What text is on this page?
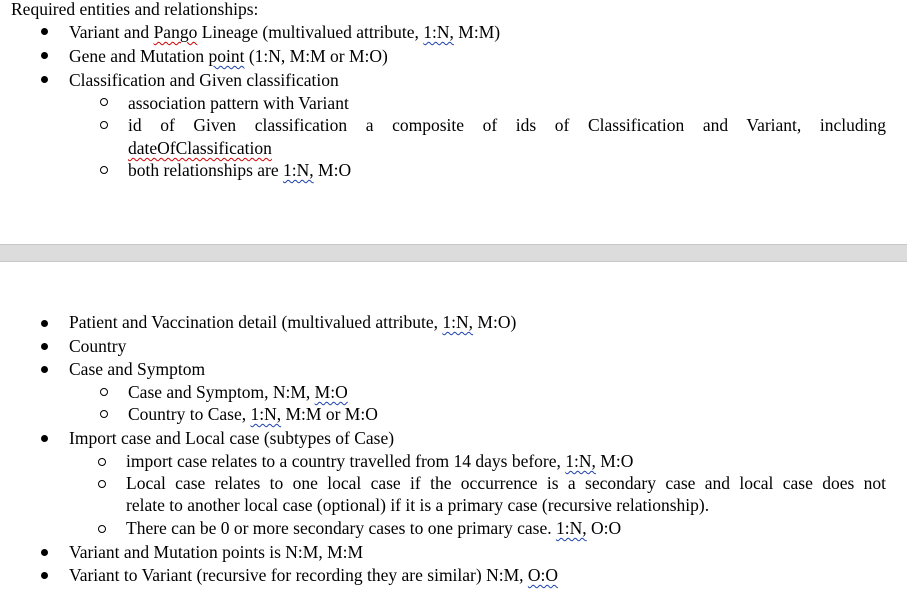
Required entities and relationships:
Variant and Pango Lineage (multivalued attribute, 1:N, M:M)
Gene and Mutation point (1:N, M:M or M:O)
Classification and Given classification
association pattern with Variant
id of Given classification a composite of ids of Classification and Variant, including
dateOfClassification
both relationships are 1:N, M:O
Patient and Vaccination detail (multivalued attribute, 1:N, M:O)
Country
Case and Symptom
Case and Symptom, N:M, M:O
Country to Case, 1:N, M:M or M:O
Import case and Local case (subtypes of Case)
import case relates to a country travelled from 14 days before, 1:N, M:O
Local case relates to one local case if the occurrence is a secondary case and local case does not
relate to another local case (optional) if it is a primary case (recursive relationship).
There can be 0 or more secondary cases to one primary case. 1:N, O:O
Variant and Mutation points is N:M, M:M
Variant to Variant (recursive for recording they are similar) N:M, O:O
